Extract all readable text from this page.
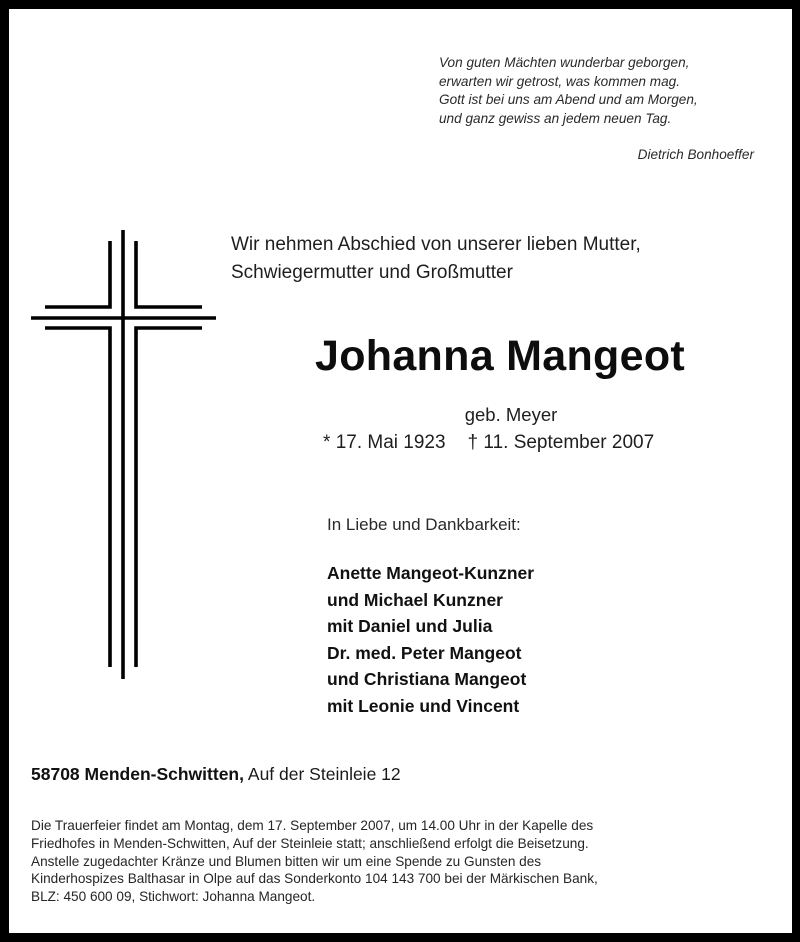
Von guten Mächten wunderbar geborgen,
erwarten wir getrost, was kommen mag.
Gott ist bei uns am Abend und am Morgen,
und ganz gewiss an jedem neuen Tag.
Dietrich Bonhoeffer
Wir nehmen Abschied von unserer lieben Mutter,
Schwiegermutter und Großmutter
Johanna Mangeot
geb. Meyer
* 17. Mai 1923 † 11. September 2007
In Liebe und Dankbarkeit:
Anette Mangeot-Kunzner
und Michael Kunzner
mit Daniel und Julia
Dr. med. Peter Mangeot
und Christiana Mangeot
mit Leonie und Vincent
58708 Menden-Schwitten, Auf der Steinleie 12
Die Trauerfeier findet am Montag, dem 17. September 2007, um 14.00 Uhr in der Kapelle des
Friedhofes in Menden-Schwitten, Auf der Steinleie statt; anschließend erfolgt die Beisetzung.
Anstelle zugedachter Kränze und Blumen bitten wir um eine Spende zu Gunsten des
Kinderhospizes Balthasar in Olpe auf das Sonderkonto 104 143 700 bei der Märkischen Bank,
BLZ: 450 600 09, Stichwort: Johanna Mangeot.
